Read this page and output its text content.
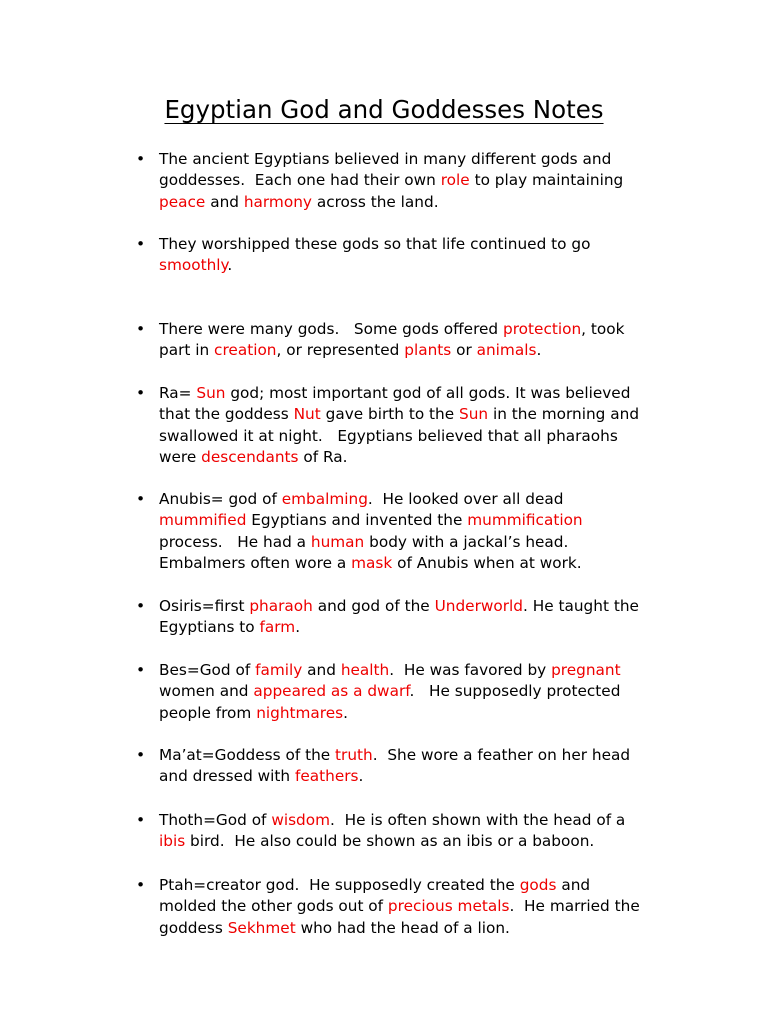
Egyptian God and Goddesses Notes
• The ancient Egyptians believed in many different gods and
goddesses.  Each one had their own role to play maintaining
peace and harmony across the land.
• They worshipped these gods so that life continued to go
smoothly.
• There were many gods.   Some gods offered protection, took
part in creation, or represented plants or animals.
• Ra= Sun god; most important god of all gods. It was believed
that the goddess Nut gave birth to the Sun in the morning and
swallowed it at night.   Egyptians believed that all pharaohs
were descendants of Ra.
• Anubis= god of embalming.  He looked over all dead
mummified Egyptians and invented the mummification
process.   He had a human body with a jackal’s head.
Embalmers often wore a mask of Anubis when at work.
• Osiris=first pharaoh and god of the Underworld. He taught the
Egyptians to farm.
• Bes=God of family and health.  He was favored by pregnant
women and appeared as a dwarf.   He supposedly protected
people from nightmares.
• Ma’at=Goddess of the truth.  She wore a feather on her head
and dressed with feathers.
• Thoth=God of wisdom.  He is often shown with the head of a
ibis bird.  He also could be shown as an ibis or a baboon.
• Ptah=creator god.  He supposedly created the gods and
molded the other gods out of precious metals.  He married the
goddess Sekhmet who had the head of a lion.
